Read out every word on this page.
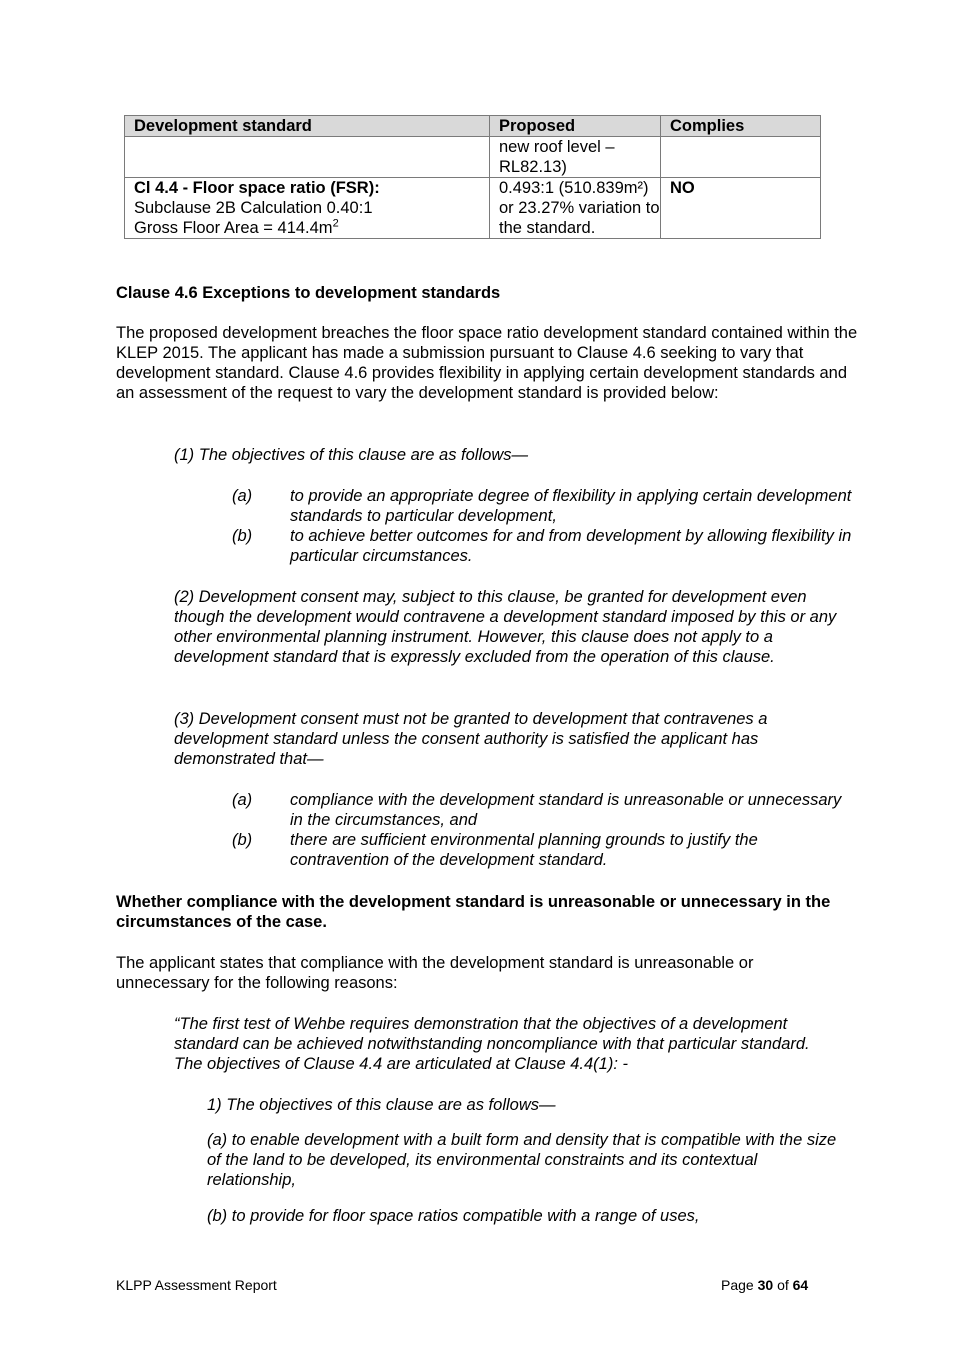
Development standard	Proposed	Complies
	new roof level – RL82.13)	

Cl 4.4 - Floor space ratio (FSR):
Subclause 2B Calculation 0.40:1
Gross Floor Area = $414.4m^2$	0.493:1 (510.839m²) or 23.27% variation to the standard.	NO
Clause 4.6 Exceptions to development standards
The proposed development breaches the floor space ratio development standard contained within the KLEP 2015. The applicant has made a submission pursuant to Clause 4.6 seeking to vary that development standard. Clause 4.6 provides flexibility in applying certain development standards and an assessment of the request to vary the development standard is provided below:
(1) The objectives of this clause are as follows—
(a) to provide an appropriate degree of flexibility in applying certain development standards to particular development,
(b) to achieve better outcomes for and from development by allowing flexibility in particular circumstances.
(2) Development consent may, subject to this clause, be granted for development even though the development would contravene a development standard imposed by this or any other environmental planning instrument. However, this clause does not apply to a development standard that is expressly excluded from the operation of this clause.
(3) Development consent must not be granted to development that contravenes a development standard unless the consent authority is satisfied the applicant has demonstrated that—
(a) compliance with the development standard is unreasonable or unnecessary in the circumstances, and
(b) there are sufficient environmental planning grounds to justify the contravention of the development standard.
Whether compliance with the development standard is unreasonable or unnecessary in the circumstances of the case.
The applicant states that compliance with the development standard is unreasonable or unnecessary for the following reasons:
“The first test of Wehbe requires demonstration that the objectives of a development standard can be achieved notwithstanding noncompliance with that particular standard. The objectives of Clause 4.4 are articulated at Clause 4.4(1): -
1) The objectives of this clause are as follows—
(a) to enable development with a built form and density that is compatible with the size of the land to be developed, its environmental constraints and its contextual relationship,
(b) to provide for floor space ratios compatible with a range of uses,
KLPP Assessment Report	Page 30 of 64
